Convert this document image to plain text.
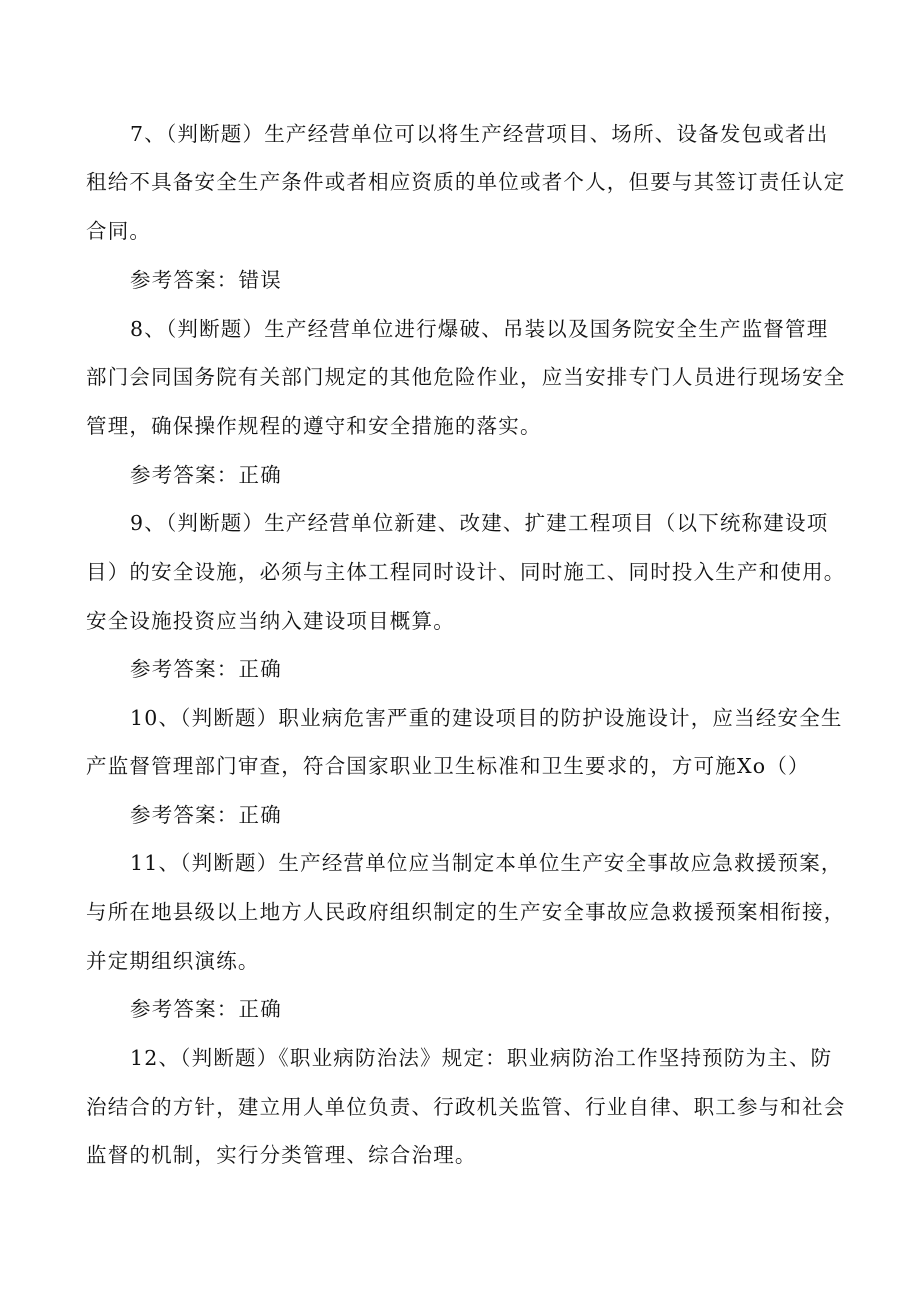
7、（判断题）生产经营单位可以将生产经营项目、场所、设备发包或者出
租给不具备安全生产条件或者相应资质的单位或者个人，但要与其签订责任认定
合同。
参考答案：错误
8、（判断题）生产经营单位进行爆破、吊装以及国务院安全生产监督管理
部门会同国务院有关部门规定的其他危险作业，应当安排专门人员进行现场安全
管理，确保操作规程的遵守和安全措施的落实。
参考答案：正确
9、（判断题）生产经营单位新建、改建、扩建工程项目（以下统称建设项
目）的安全设施，必须与主体工程同时设计、同时施工、同时投入生产和使用。
安全设施投资应当纳入建设项目概算。
参考答案：正确
10、（判断题）职业病危害严重的建设项目的防护设施设计，应当经安全生
产监督管理部门审查，符合国家职业卫生标准和卫生要求的，方可施Xo（）
参考答案：正确
11、（判断题）生产经营单位应当制定本单位生产安全事故应急救援预案，
与所在地县级以上地方人民政府组织制定的生产安全事故应急救援预案相衔接，
并定期组织演练。
参考答案：正确
12、（判断题）《职业病防治法》规定：职业病防治工作坚持预防为主、防
治结合的方针，建立用人单位负责、行政机关监管、行业自律、职工参与和社会
监督的机制，实行分类管理、综合治理。
